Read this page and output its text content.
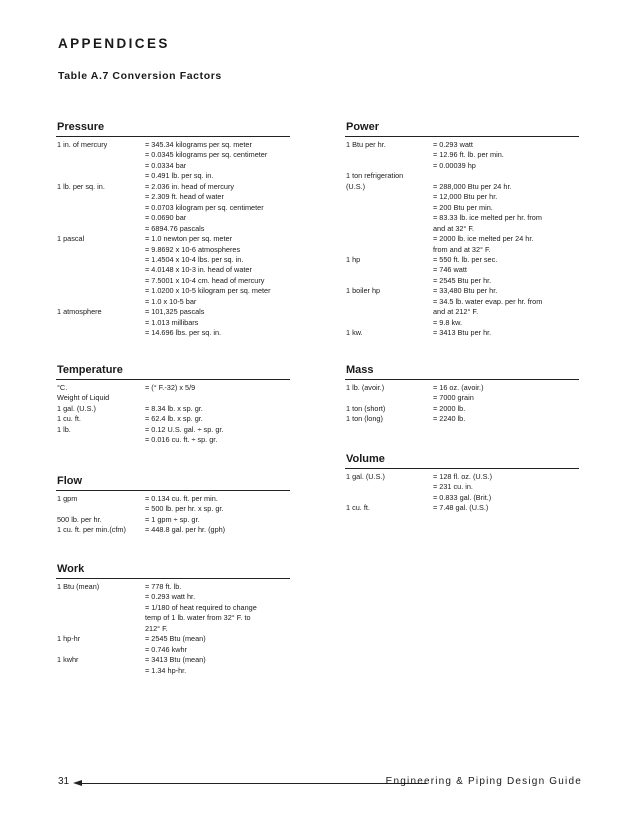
APPENDICES
Table A.7 Conversion Factors
Pressure
1 in. of mercury	= 345.34 kilograms per sq. meter
= 0.0345 kilograms per sq. centimeter
= 0.0334 bar
= 0.491 lb. per sq. in.
1 lb. per sq. in.	= 2.036 in. head of mercury
= 2.309 ft. head of water
= 0.0703 kilogram per sq. centimeter
= 0.0690 bar
= 6894.76 pascals
1 pascal	= 1.0 newton per sq. meter
= 9.8692 x 10-6 atmospheres
= 1.4504 x 10-4 lbs. per sq. in.
= 4.0148 x 10-3 in. head of water
= 7.5001 x 10-4 cm. head of mercury
= 1.0200 x 10-5 kilogram per sq. meter
= 1.0 x 10-5 bar
1 atmosphere	= 101,325 pascals
= 1.013 millibars
= 14.696 lbs. per sq. in.
Temperature
°C.	= (° F.-32) x 5/9
Weight of Liquid
1 gal. (U.S.)	= 8.34 lb. x sp. gr.
1 cu. ft.	= 62.4 lb. x sp. gr.
1 lb.	= 0.12 U.S. gal. ÷ sp. gr.
= 0.016 cu. ft. ÷ sp. gr.
Flow
1 gpm	= 0.134 cu. ft. per min.
= 500 lb. per hr. x sp. gr.
500 lb. per hr.	= 1 gpm ÷ sp. gr.
1 cu. ft. per min.(cfm)	= 448.8 gal. per hr. (gph)
Work
1 Btu (mean)	= 778 ft. lb.
= 0.293 watt hr.
= 1/180 of heat required to change
temp of 1 lb. water from 32° F. to
212° F.
1 hp-hr	= 2545 Btu (mean)
= 0.746 kwhr
1 kwhr	= 3413 Btu (mean)
= 1.34 hp-hr.
Power
1 Btu per hr.	= 0.293 watt
= 12.96 ft. lb. per min.
= 0.00039 hp
1 ton refrigeration
(U.S.)	= 288,000 Btu per 24 hr.
= 12,000 Btu per hr.
= 200 Btu per min.
= 83.33 lb. ice melted per hr. from
and at 32° F.
= 2000 lb. ice melted per 24 hr.
from and at 32° F.
1 hp	= 550 ft. lb. per sec.
= 746 watt
= 2545 Btu per hr.
1 boiler hp	= 33,480 Btu per hr.
= 34.5 lb. water evap. per hr. from
and at 212° F.
= 9.8 kw.
1 kw.	= 3413 Btu per hr.
Mass
1 lb. (avoir.)	= 16 oz. (avoir.)
= 7000 grain
1 ton (short)	= 2000 lb.
1 ton (long)	= 2240 lb.
Volume
1 gal. (U.S.)	= 128 fl. oz. (U.S.)
= 231 cu. in.
= 0.833 gal. (Brit.)
1 cu. ft.	= 7.48 gal. (U.S.)
31	Engineering & Piping Design Guide
